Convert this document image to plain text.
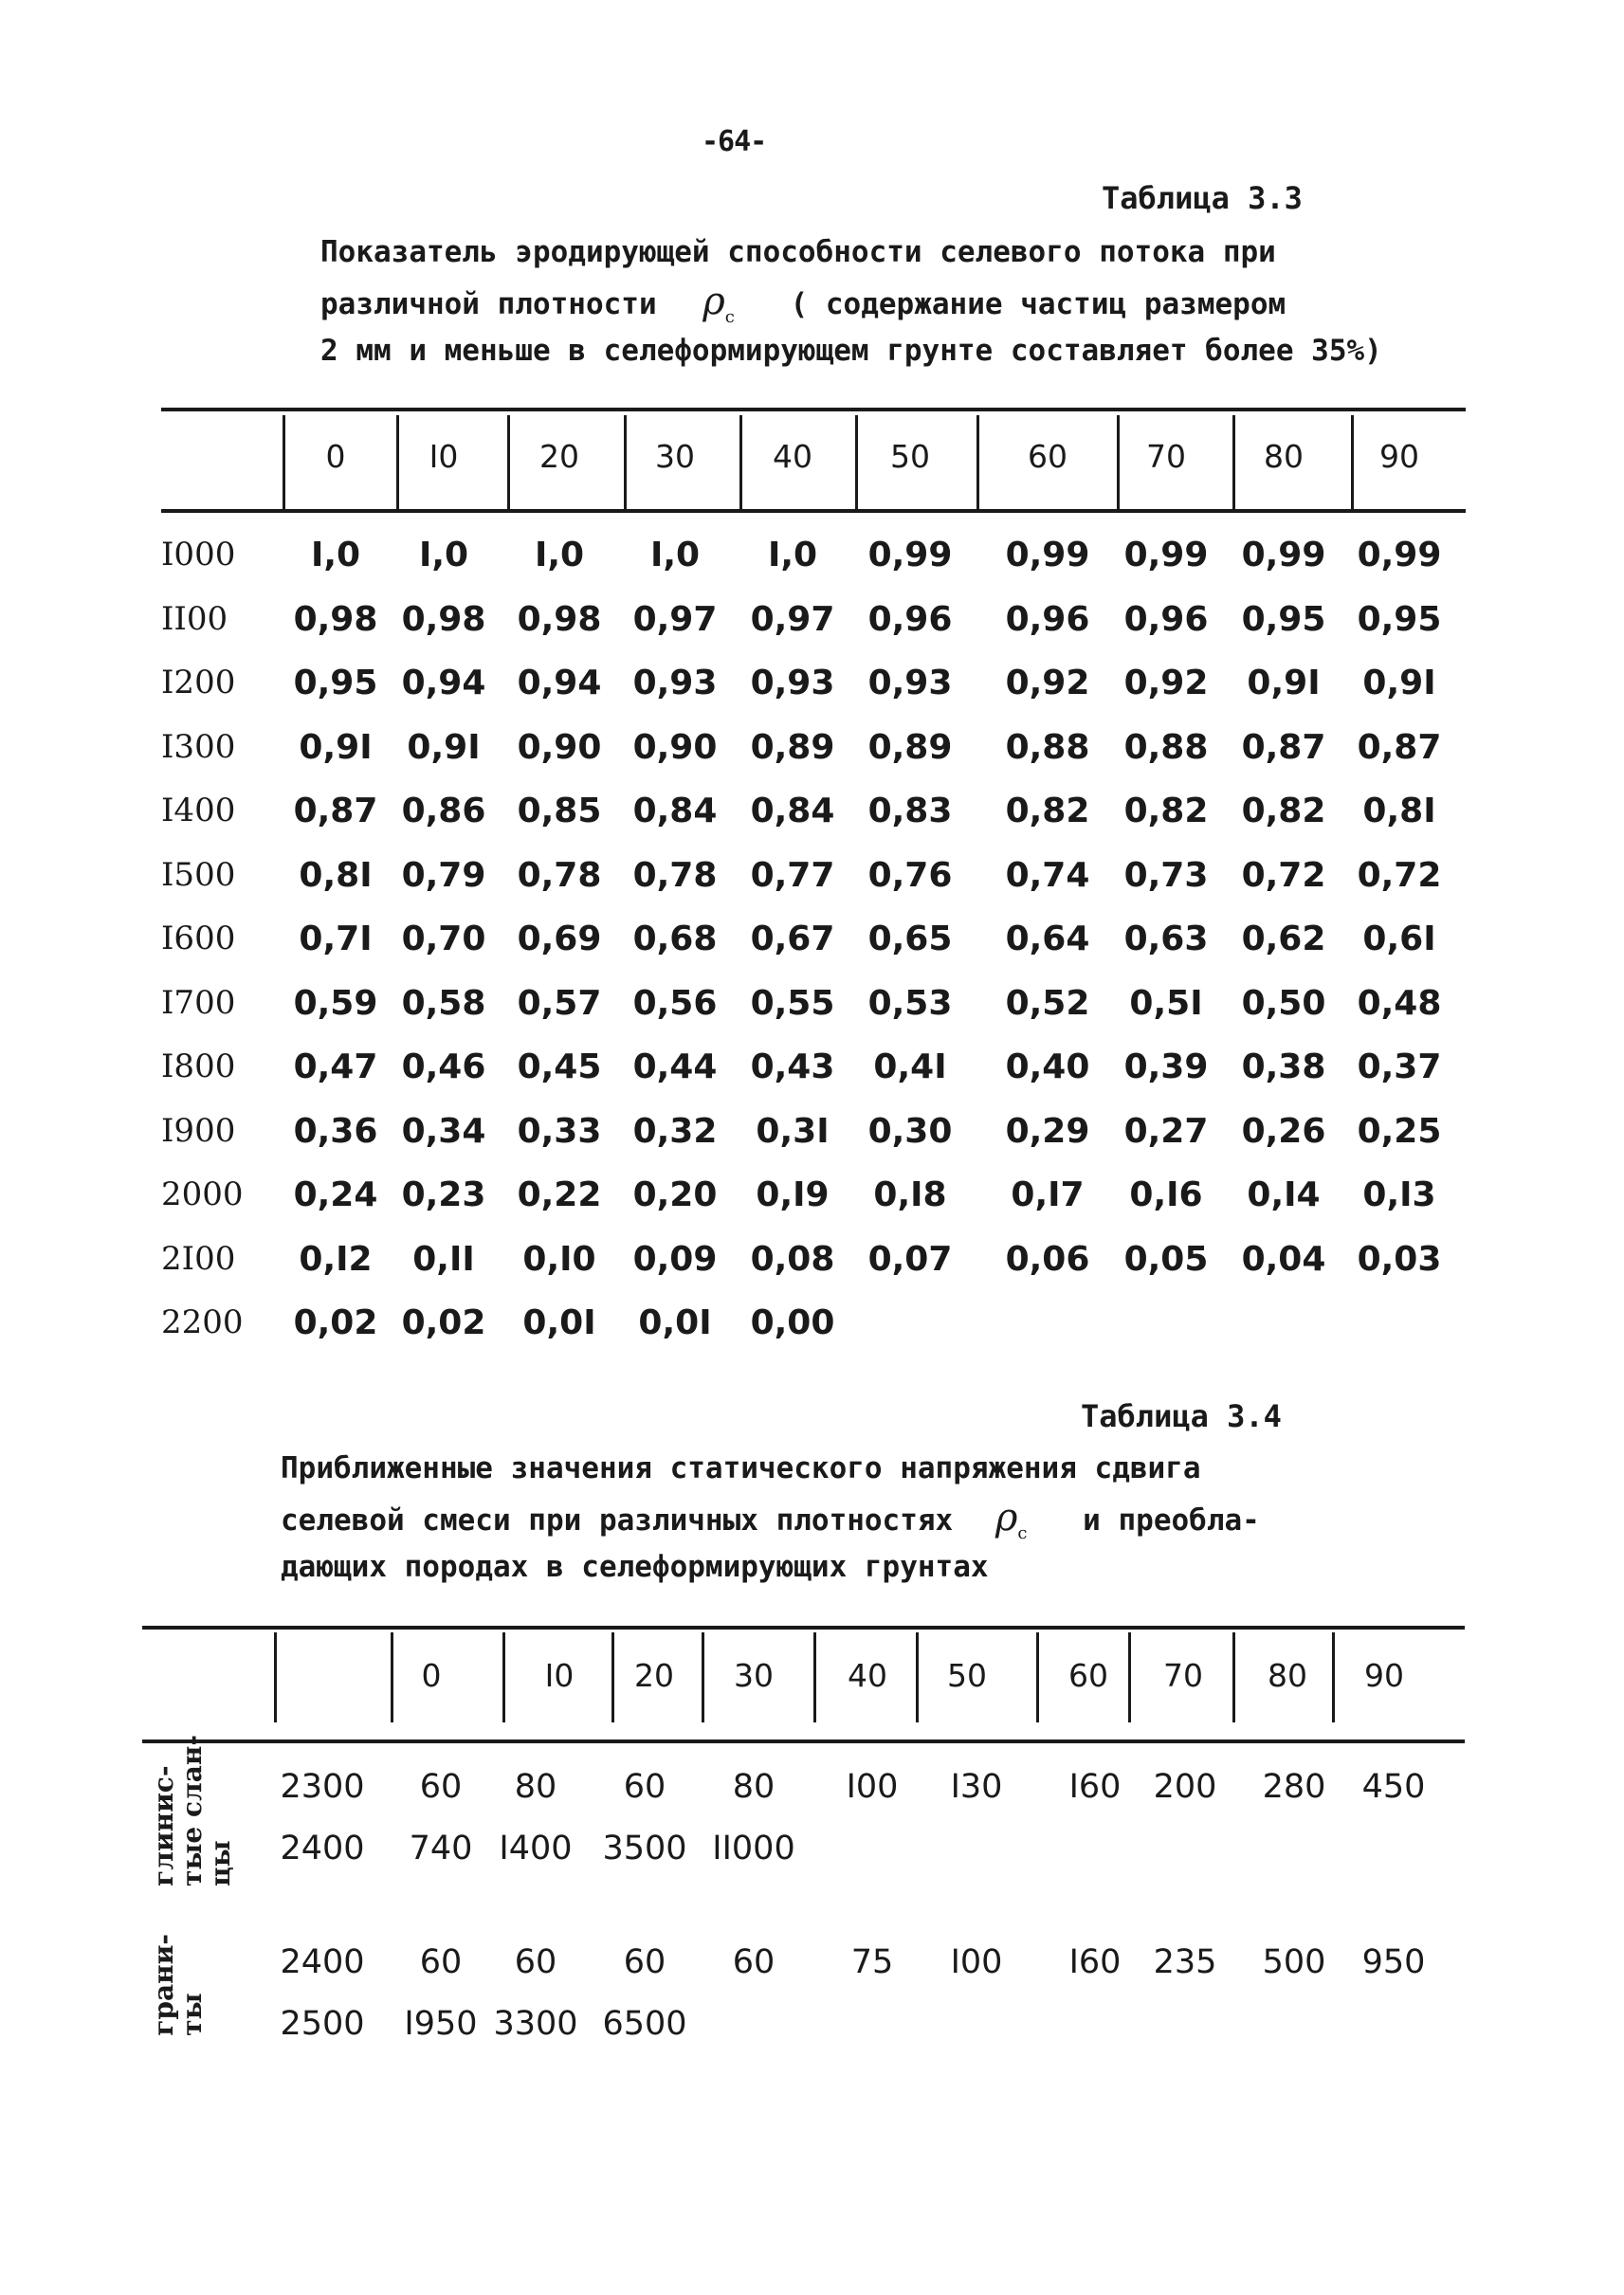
-64-
Таблица 3.3
Показатель эродирующей способности селевого потока при
различной плотности $\rho_c$ ( содержание частиц размером
2 мм и меньше в селеформирующем грунте составляет более 35%)
0	I0	20 30 40 50	60	70 80 90
I000 I,0 I,0 I,0 I,0 I,0 0,99 0,99 0,99 0,99 0,99
II00 0,98 0,98 0,98 0,97 0,97 0,96 0,96 0,96 0,95 0,95
I200 0,95 0,94 0,94 0,93 0,93 0,93 0,92 0,92 0,9I 0,9I
I300 0,9I 0,9I 0,90 0,90 0,89 0,89 0,88 0,88 0,87 0,87
I400 0,87 0,86 0,85 0,84 0,84 0,83 0,82 0,82 0,82 0,8I
I500 0,8I 0,79 0,78 0,78 0,77 0,76 0,74 0,73 0,72 0,72
I600 0,7I 0,70 0,69 0,68 0,67 0,65 0,64 0,63 0,62 0,6I
I700 0,59 0,58 0,57 0,56 0,55 0,53 0,52 0,5I 0,50 0,48
I800 0,47 0,46 0,45 0,44 0,43 0,4I 0,40 0,39 0,38 0,37
I900 0,36 0,34 0,33 0,32 0,3I 0,30 0,29 0,27 0,26 0,25
2000 0,24 0,23 0,22 0,20 0,I9 0,I8 0,I7 0,I6 0,I4 0,I3
2I00 0,I2 0,II 0,I0 0,09 0,08 0,07 0,06 0,05 0,04 0,03
2200 0,02 0,02 0,0I 0,0I 0,00
Таблица 3.4
Приближенные значения статического напряжения сдвига
селевой смеси при различных плотностях $\rho_c$ и преобла-
дающих породах в селеформирующих грунтах
0	I0 20 30 40 50	60 70 80 90
глинис-
тые слан-
цы
2300 60 80 60 80 I00 I30 I60 200 280 450
2400 740 I400 3500 II000
грани-
ты
2400 60 60 60 60 75 I00 I60 235 500 950
2500 I950 3300 6500
